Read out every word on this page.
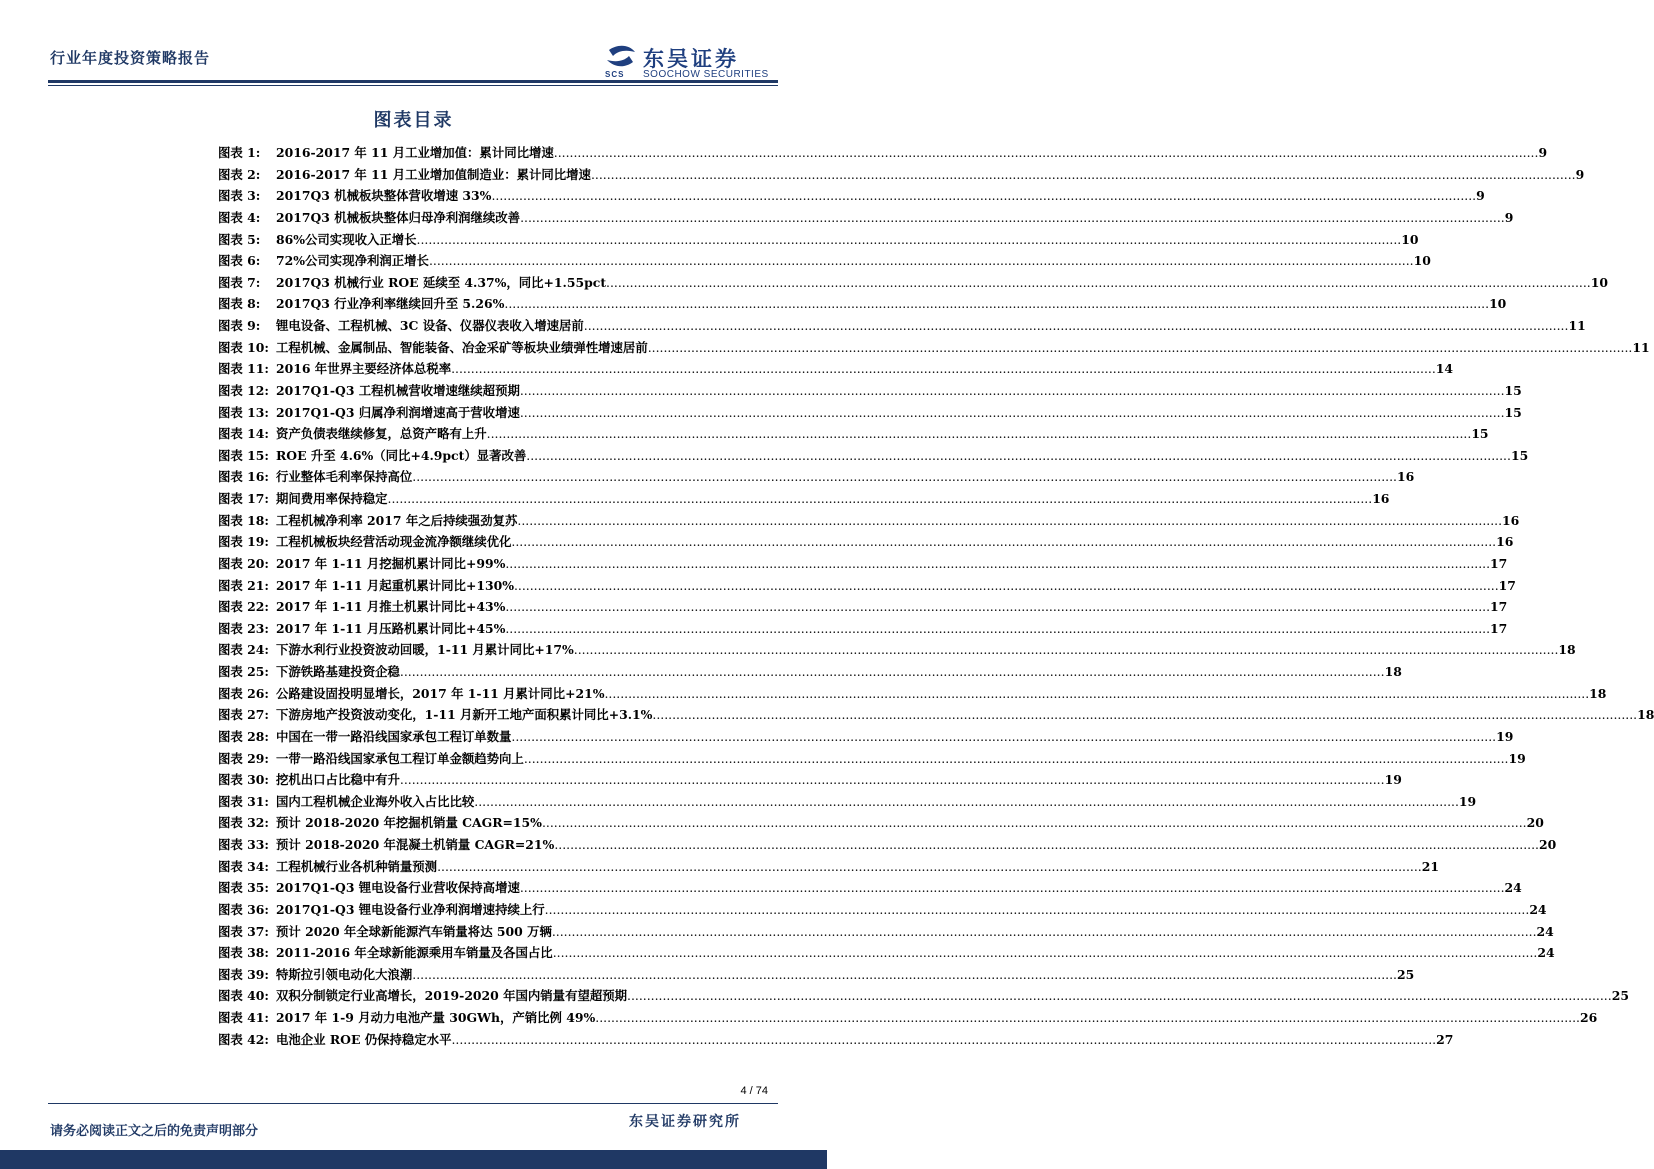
行业年度投资策略报告
SCS
东吴证券
SOOCHOW SECURITIES
图表目录
图表 1:	2016-2017 年 11 月工业增加值：累计同比增速 .....	9
图表 2:	2016-2017 年 11 月工业增加值制造业：累计同比增速 .....	9
图表 3:	2017Q3 机械板块整体营收增速 33% .....	9
图表 4:	2017Q3 机械板块整体归母净利润继续改善 .....	9
图表 5:	86%公司实现收入正增长 .....	10
图表 6:	72%公司实现净利润正增长 .....	10
图表 7:	2017Q3 机械行业 ROE 延续至 4.37%，同比+1.55pct .....	10
图表 8:	2017Q3 行业净利率继续回升至 5.26% .....	10
图表 9:	锂电设备、工程机械、3C 设备、仪器仪表收入增速居前 .....	11
图表 10: 工程机械、金属制品、智能装备、冶金采矿等板块业绩弹性增速居前 .....	11
图表 11: 2016 年世界主要经济体总税率 .....	14
图表 12: 2017Q1-Q3 工程机械营收增速继续超预期 .....	15
图表 13: 2017Q1-Q3 归属净利润增速高于营收增速 .....	15
图表 14: 资产负债表继续修复，总资产略有上升 .....	15
图表 15: ROE 升至 4.6%（同比+4.9pct）显著改善 .....	15
图表 16: 行业整体毛利率保持高位 .....	16
图表 17: 期间费用率保持稳定 .....	16
图表 18: 工程机械净利率 2017 年之后持续强劲复苏 .....	16
图表 19: 工程机械板块经营活动现金流净额继续优化 .....	16
图表 20: 2017 年 1-11 月挖掘机累计同比+99% .....	17
图表 21: 2017 年 1-11 月起重机累计同比+130% .....	17
图表 22: 2017 年 1-11 月推土机累计同比+43% .....	17
图表 23: 2017 年 1-11 月压路机累计同比+45% .....	17
图表 24: 下游水利行业投资波动回暖，1-11 月累计同比+17% .....	18
图表 25: 下游铁路基建投资企稳 .....	18
图表 26: 公路建设固投明显增长，2017 年 1-11 月累计同比+21% .....	18
图表 27: 下游房地产投资波动变化，1-11 月新开工地产面积累计同比+3.1% .....	18
图表 28: 中国在一带一路沿线国家承包工程订单数量 .....	19
图表 29: 一带一路沿线国家承包工程订单金额趋势向上 .....	19
图表 30: 挖机出口占比稳中有升 .....	19
图表 31: 国内工程机械企业海外收入占比比较 .....	19
图表 32: 预计 2018-2020 年挖掘机销量 CAGR=15% .....	20
图表 33: 预计 2018-2020 年混凝土机销量 CAGR=21% .....	20
图表 34: 工程机械行业各机种销量预测 .....	21
图表 35: 2017Q1-Q3 锂电设备行业营收保持高增速 .....	24
图表 36: 2017Q1-Q3 锂电设备行业净利润增速持续上行 .....	24
图表 37: 预计 2020 年全球新能源汽车销量将达 500 万辆 .....	24
图表 38: 2011-2016 年全球新能源乘用车销量及各国占比 .....	24
图表 39: 特斯拉引领电动化大浪潮 .....	25
图表 40: 双积分制锁定行业高增长，2019-2020 年国内销量有望超预期 .....	25
图表 41: 2017 年 1-9 月动力电池产量 30GWh，产销比例 49% .....	26
图表 42: 电池企业 ROE 仍保持稳定水平 .....	27
4 / 74
请务必阅读正文之后的免责声明部分
东吴证券研究所
